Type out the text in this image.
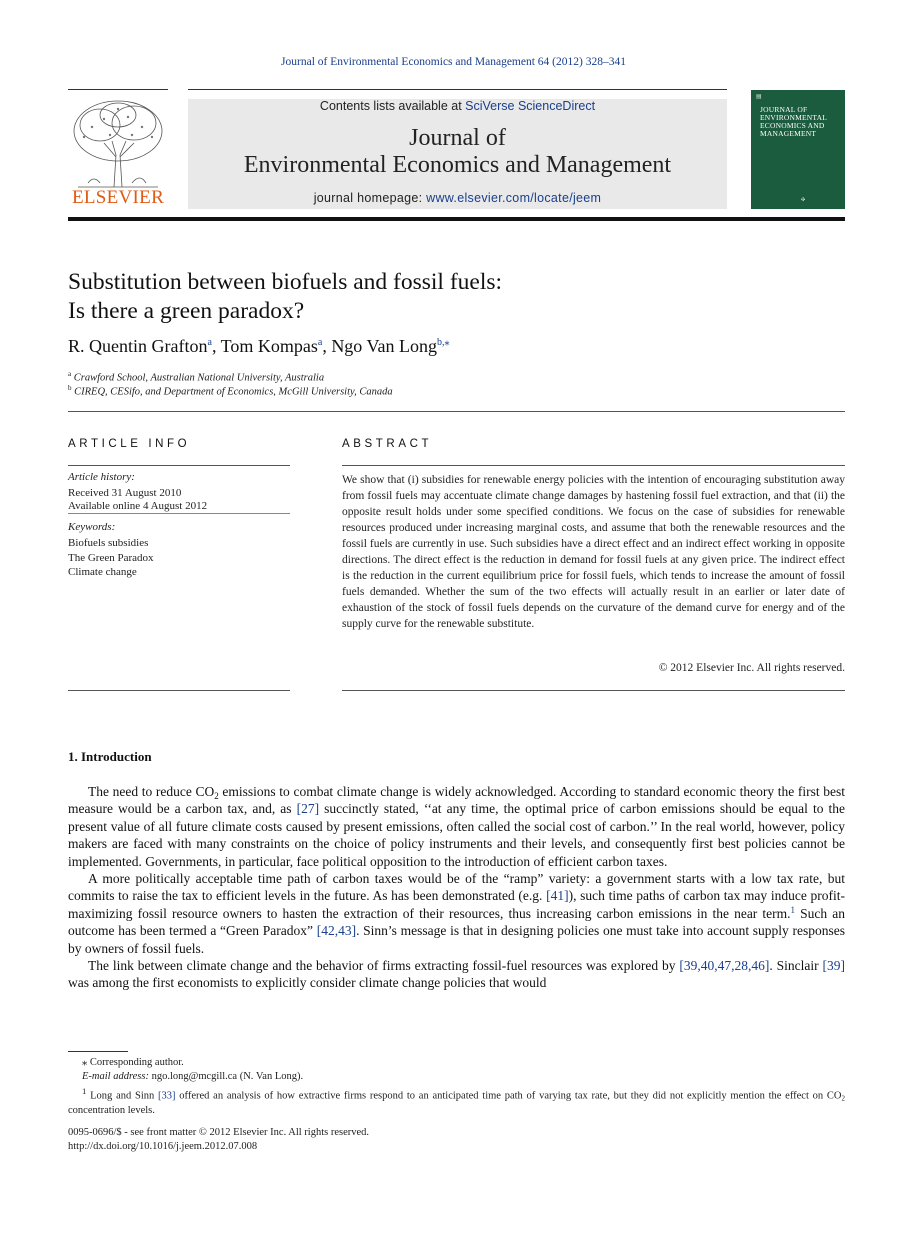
Journal of Environmental Economics and Management 64 (2012) 328–341
ELSEVIER
Contents lists available at SciVerse ScienceDirect
Journal of
Environmental Economics and Management
journal homepage: www.elsevier.com/locate/jeem
▤
JOURNAL OF ENVIRONMENTAL ECONOMICS AND MANAGEMENT
✣
Substitution between biofuels and fossil fuels:
Is there a green paradox?
R. Quentin Grafton$^a$, Tom Kompas$^a$, Ngo Van Long$^{b,⁎}$
$^a$ Crawford School, Australian National University, Australia
$^b$ CIREQ, CESifo, and Department of Economics, McGill University, Canada
ARTICLE INFO
Article history:
Received 31 August 2010
Available online 4 August 2012
Keywords:
Biofuels subsidies
The Green Paradox
Climate change
ABSTRACT
We show that (i) subsidies for renewable energy policies with the intention of encouraging substitution away from fossil fuels may accentuate climate change damages by hastening fossil fuel extraction, and that (ii) the opposite result holds under some specified conditions. We focus on the case of subsidies for renewable resources produced under increasing marginal costs, and assume that both the renewable resources and the fossil fuels are currently in use. Such subsidies have a direct effect and an indirect effect working in opposite directions. The direct effect is the reduction in demand for fossil fuels at any given price. The indirect effect is the reduction in the current equilibrium price for fossil fuels, which tends to increase the amount of fossil fuels demanded. Whether the sum of the two effects will actually result in an earlier or later date of exhaustion of the stock of fossil fuels depends on the curvature of the demand curve for energy and of the supply curve for the renewable substitute.
© 2012 Elsevier Inc. All rights reserved.
1. Introduction

The need to reduce $CO_2$ emissions to combat climate change is widely acknowledged. According to standard economic theory the first best measure would be a carbon tax, and, as [27] succinctly stated, ‘‘at any time, the optimal price of carbon emissions should be equal to the present value of all future climate costs caused by present emissions, often called the social cost of carbon.’’ In the real world, however, policy makers are faced with many constraints on the choice of policy instruments and their levels, and consequently first best policies cannot be implemented. Governments, in particular, face political opposition to the introduction of efficient carbon taxes.

A more politically acceptable time path of carbon taxes would be of the “ramp” variety: a government starts with a low tax rate, but commits to raise the tax to efficient levels in the future. As has been demonstrated (e.g. [41]), such time paths of carbon tax may induce profit-maximizing fossil resource owners to hasten the extraction of their resources, thus increasing carbon emissions in the near term.$^1$ Such an outcome has been termed a “Green Paradox” [42,43]. Sinn’s message is that in designing policies one must take into account supply responses by owners of fossil fuels.

The link between climate change and the behavior of firms extracting fossil-fuel resources was explored by [39,40,47,28,46]. Sinclair [39] was among the first economists to explicitly consider climate change policies that would

⁎ Corresponding author.
E-mail address: ngo.long@mcgill.ca (N. Van Long).
$^1$ Long and Sinn [33] offered an analysis of how extractive firms respond to an anticipated time path of varying tax rate, but they did not explicitly mention the effect on $CO_2$ concentration levels.
0095-0696/$ - see front matter © 2012 Elsevier Inc. All rights reserved.
http://dx.doi.org/10.1016/j.jeem.2012.07.008
